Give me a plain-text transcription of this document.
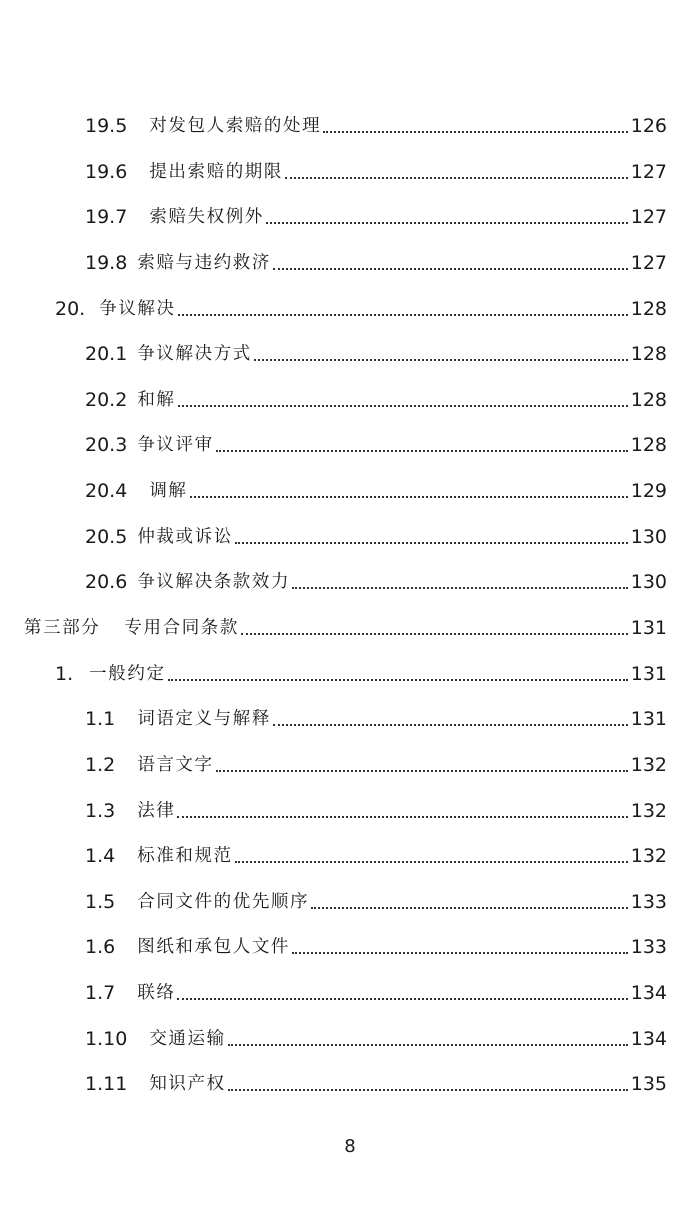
19.5 对发包人索赔的处理	126
19.6 提出索赔的期限	127
19.7 索赔失权例外	127
19.8 索赔与违约救济	127
20. 争议解决	128
20.1 争议解决方式	128
20.2 和解	128
20.3 争议评审	128
20.4 调解	129
20.5 仲裁或诉讼	130
20.6 争议解决条款效力	130
第三部分 专用合同条款	131
1. 一般约定	131
1.1 词语定义与解释	131
1.2 语言文字	132
1.3 法律	132
1.4 标准和规范	132
1.5 合同文件的优先顺序	133
1.6 图纸和承包人文件	133
1.7 联络	134
1.10 交通运输	134
1.11 知识产权	135
8
